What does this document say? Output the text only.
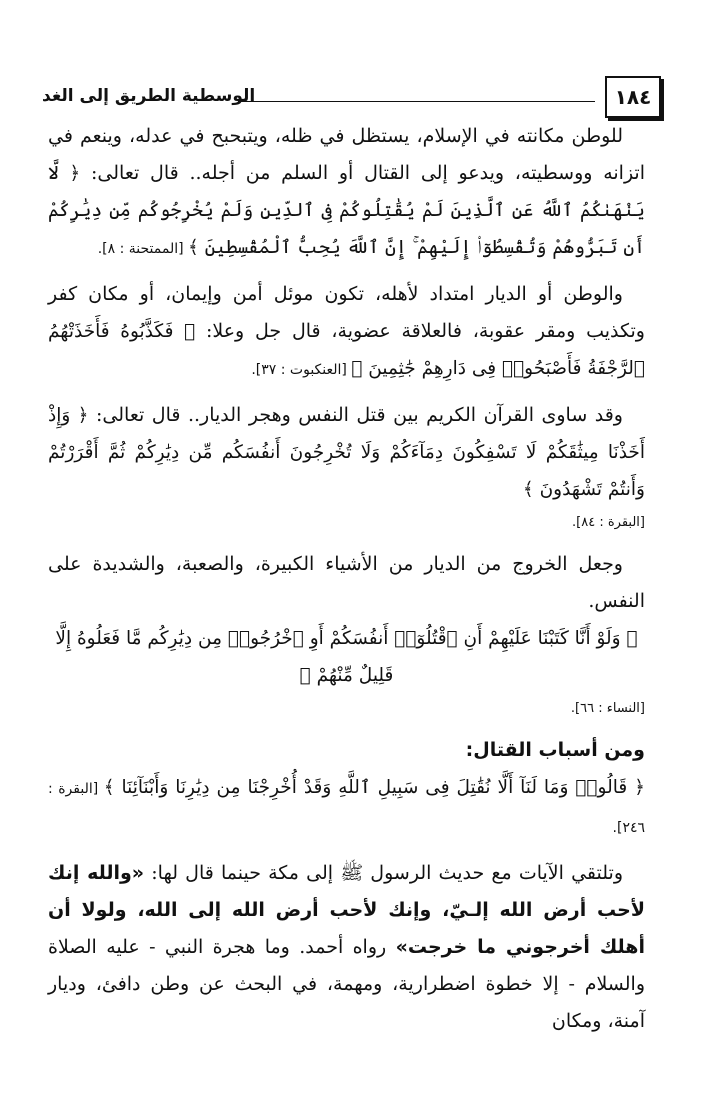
١٨٤
الوسطية الطريق إلى الغد

للوطن مكانته في الإسلام، يستظل في ظله، ويتبحبح في عدله، وينعم في اتزانه ووسطيته، ويدعو إلى القتال أو السلم من أجله.. قال تعالى: ﴿ لَّا يَنْهَىٰكُمُ ٱللَّهُ عَنِ ٱلَّذِينَ لَمْ يُقَٰتِلُوكُمْ فِى ٱلدِّينِ وَلَمْ يُخْرِجُوكُم مِّن دِيَٰرِكُمْ أَن تَبَرُّوهُمْ وَتُقْسِطُوٓا۟ إِلَيْهِمْ ۚ إِنَّ ٱللَّهَ يُحِبُّ ٱلْمُقْسِطِينَ ﴾ [الممتحنة : ٨].

والوطن أو الديار امتداد لأهله، تكون موئل أمن وإيمان، أو مكان كفر وتكذيب ومقر عقوبة، فالعلاقة عضوية، قال جل وعلا: ﴿ فَكَذَّبُوهُ فَأَخَذَتْهُمُ ٱلرَّجْفَةُ فَأَصْبَحُوا۟ فِى دَارِهِمْ جَٰثِمِينَ ﴾ [العنكبوت : ٣٧].

وقد ساوى القرآن الكريم بين قتل النفس وهجر الديار.. قال تعالى: ﴿ وَإِذْ أَخَذْنَا مِيثَٰقَكُمْ لَا تَسْفِكُونَ دِمَآءَكُمْ وَلَا تُخْرِجُونَ أَنفُسَكُم مِّن دِيَٰرِكُمْ ثُمَّ أَقْرَرْتُمْ وَأَنتُمْ تَشْهَدُونَ ﴾

[البقرة : ٨٤].

وجعل الخروج من الديار من الأشياء الكبيرة، والصعبة، والشديدة على النفس.

﴿ وَلَوْ أَنَّا كَتَبْنَا عَلَيْهِمْ أَنِ ٱقْتُلُوٓا۟ أَنفُسَكُمْ أَوِ ٱخْرُجُوا۟ مِن دِيَٰرِكُم مَّا فَعَلُوهُ إِلَّا قَلِيلٌ مِّنْهُمْ ﴾

[النساء : ٦٦].

ومن أسباب القتال:

﴿ قَالُوا۟ وَمَا لَنَآ أَلَّا نُقَٰتِلَ فِى سَبِيلِ ٱللَّهِ وَقَدْ أُخْرِجْنَا مِن دِيَٰرِنَا وَأَبْنَآئِنَا ﴾ [البقرة : ٢٤٦].

وتلتقي الآيات مع حديث الرسول ﷺ إلى مكة حينما قال لها: «والله إنك لأحب أرض الله إلـيّ، وإنك لأحب أرض الله إلى الله، ولولا أن أهلك أخرجوني ما خرجت» رواه أحمد. وما هجرة النبي - عليه الصلاة والسلام - إلا خطوة اضطرارية، ومهمة، في البحث عن وطن دافئ، وديار آمنة، ومكان
